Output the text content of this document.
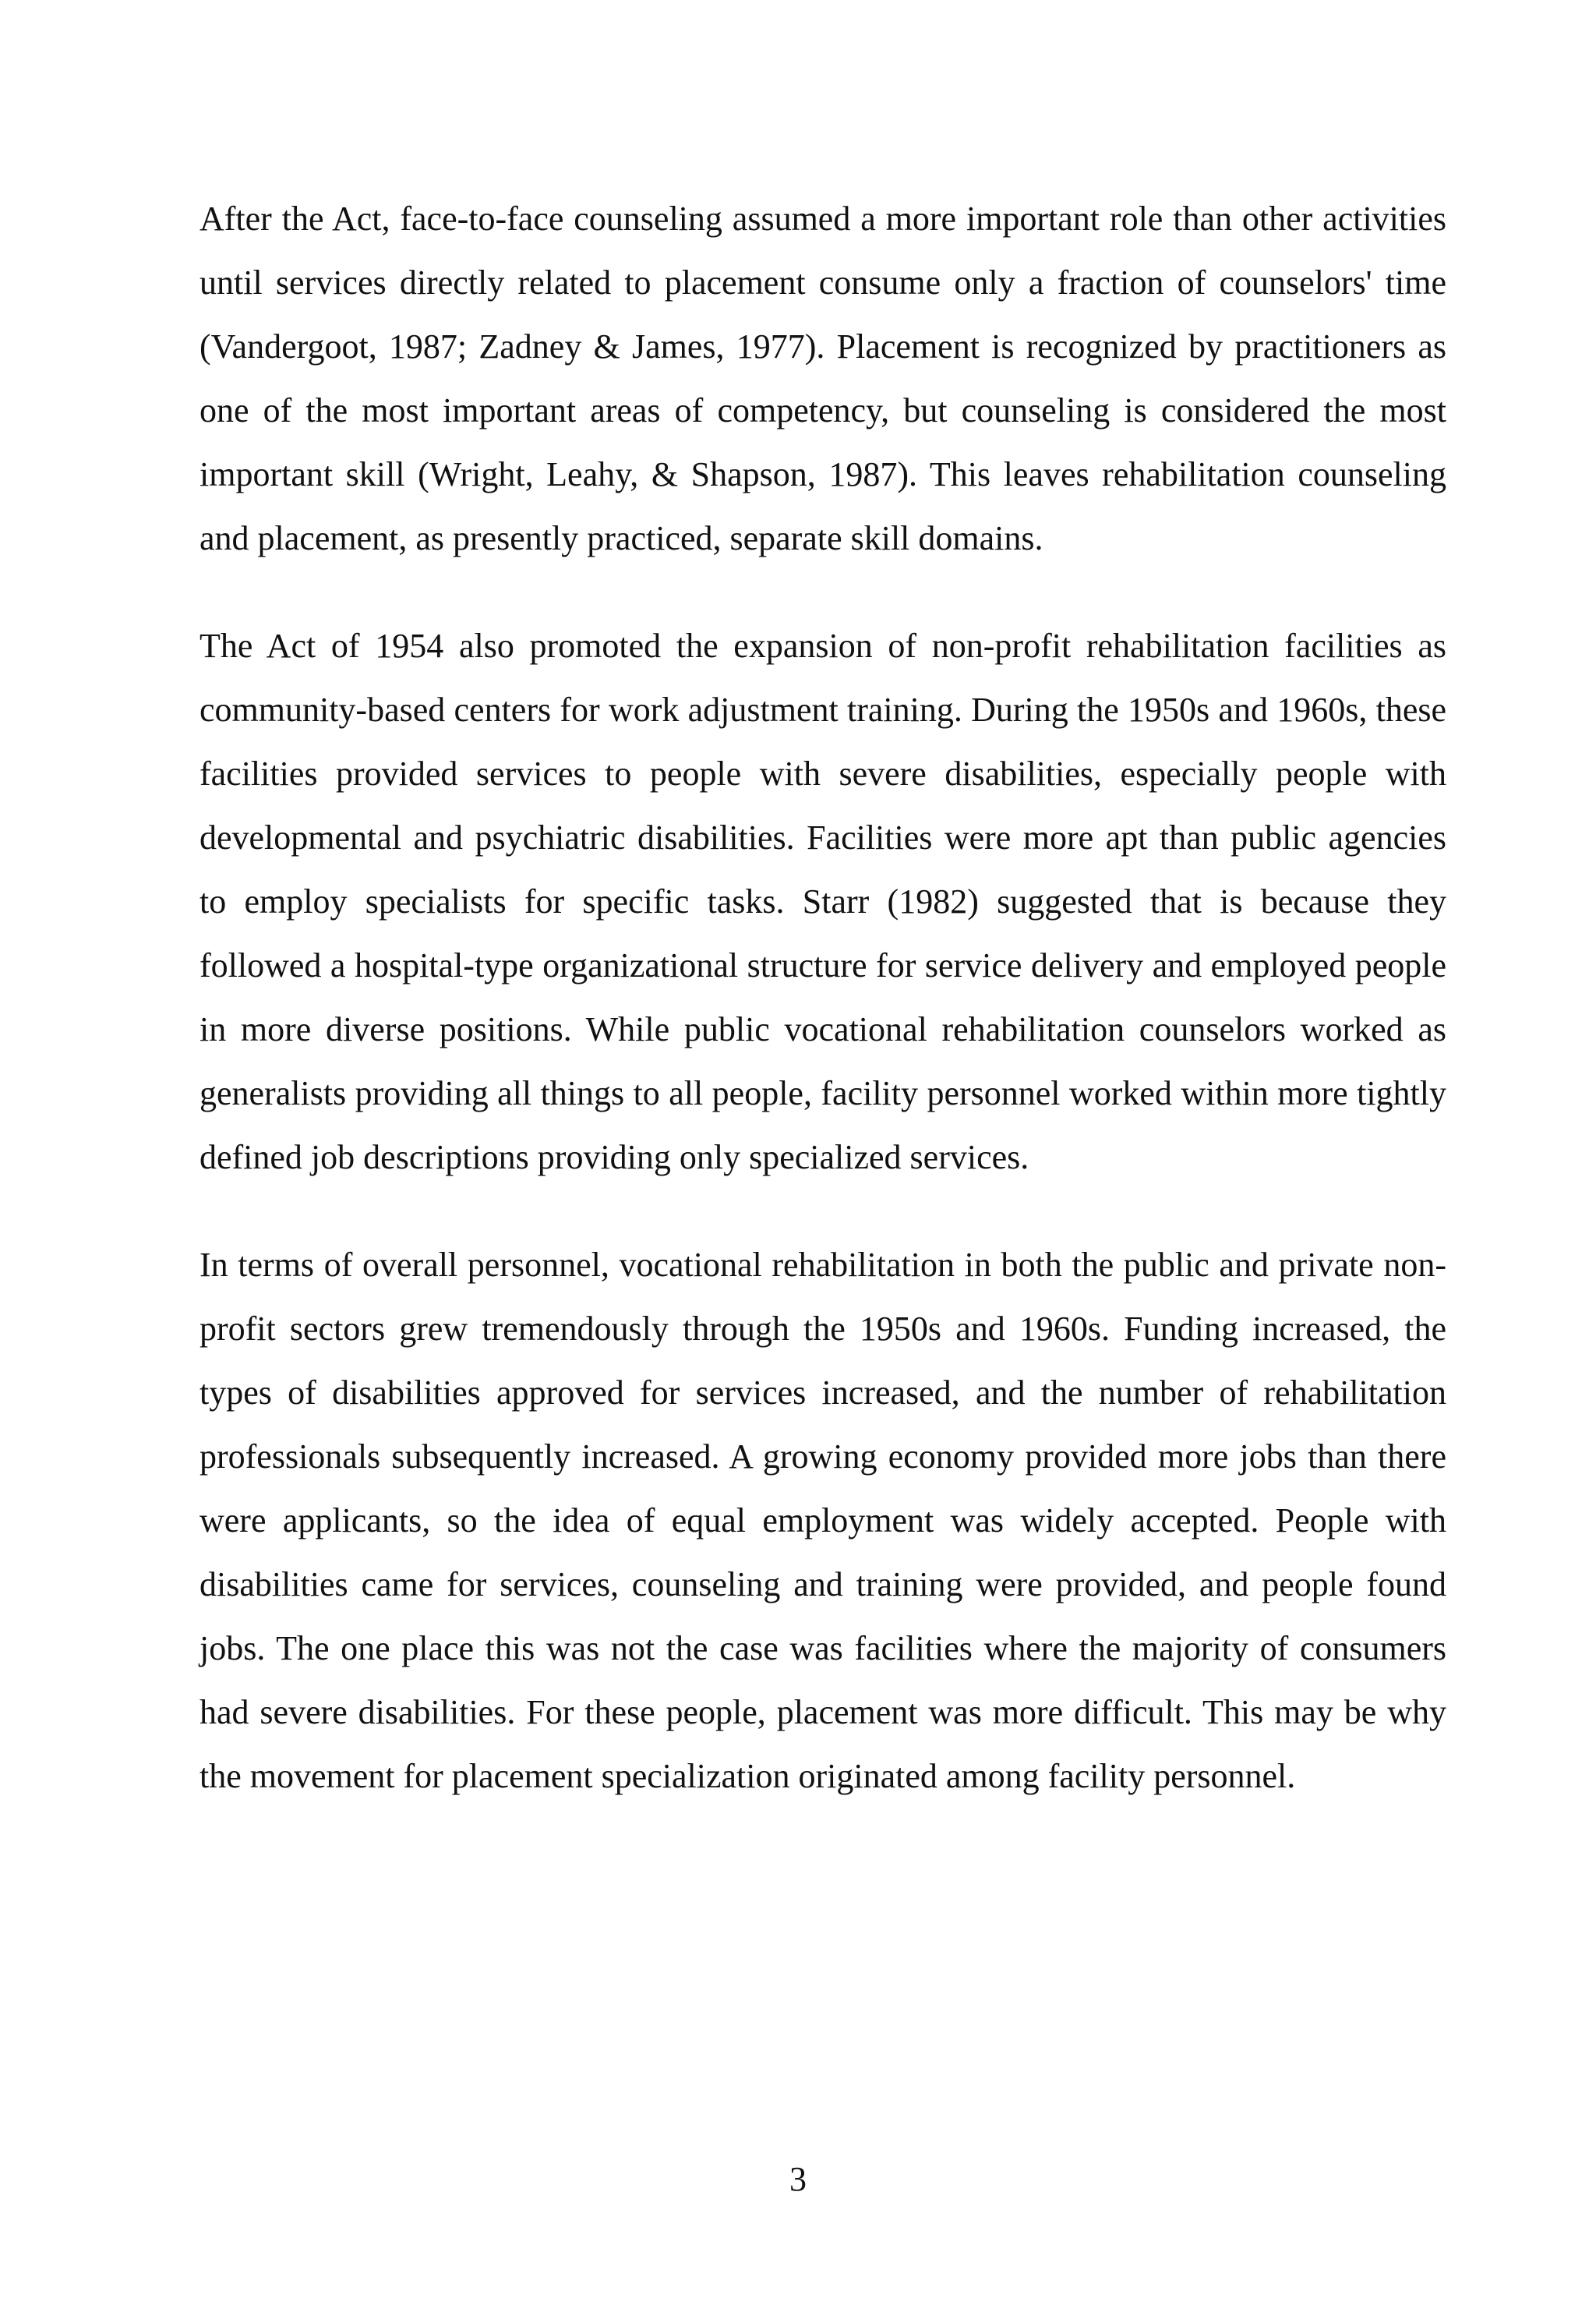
After the Act, face-to-face counseling assumed a more important role than other activities until services directly related to placement consume only a fraction of counselors' time (Vandergoot, 1987; Zadney & James, 1977). Placement is recognized by practitioners as one of the most important areas of competency, but counseling is considered the most important skill (Wright, Leahy, & Shapson, 1987). This leaves rehabilitation counseling and placement, as presently practiced, separate skill domains.

The Act of 1954 also promoted the expansion of non-profit rehabilitation facilities as community-based centers for work adjustment training. During the 1950s and 1960s, these facilities provided services to people with severe disabilities, especially people with developmental and psychiatric disabilities. Facilities were more apt than public agencies to employ specialists for specific tasks. Starr (1982) suggested that is because they followed a hospital-type organizational structure for service delivery and employed people in more diverse positions. While public vocational rehabilitation counselors worked as generalists providing all things to all people, facility personnel worked within more tightly defined job descriptions providing only specialized services.

In terms of overall personnel, vocational rehabilitation in both the public and private non-profit sectors grew tremendously through the 1950s and 1960s. Funding increased, the types of disabilities approved for services increased, and the number of rehabilitation professionals subsequently increased. A growing economy provided more jobs than there were applicants, so the idea of equal employment was widely accepted. People with disabilities came for services, counseling and training were provided, and people found jobs. The one place this was not the case was facilities where the majority of consumers had severe disabilities. For these people, placement was more difficult. This may be why the movement for placement specialization originated among facility personnel.

3
